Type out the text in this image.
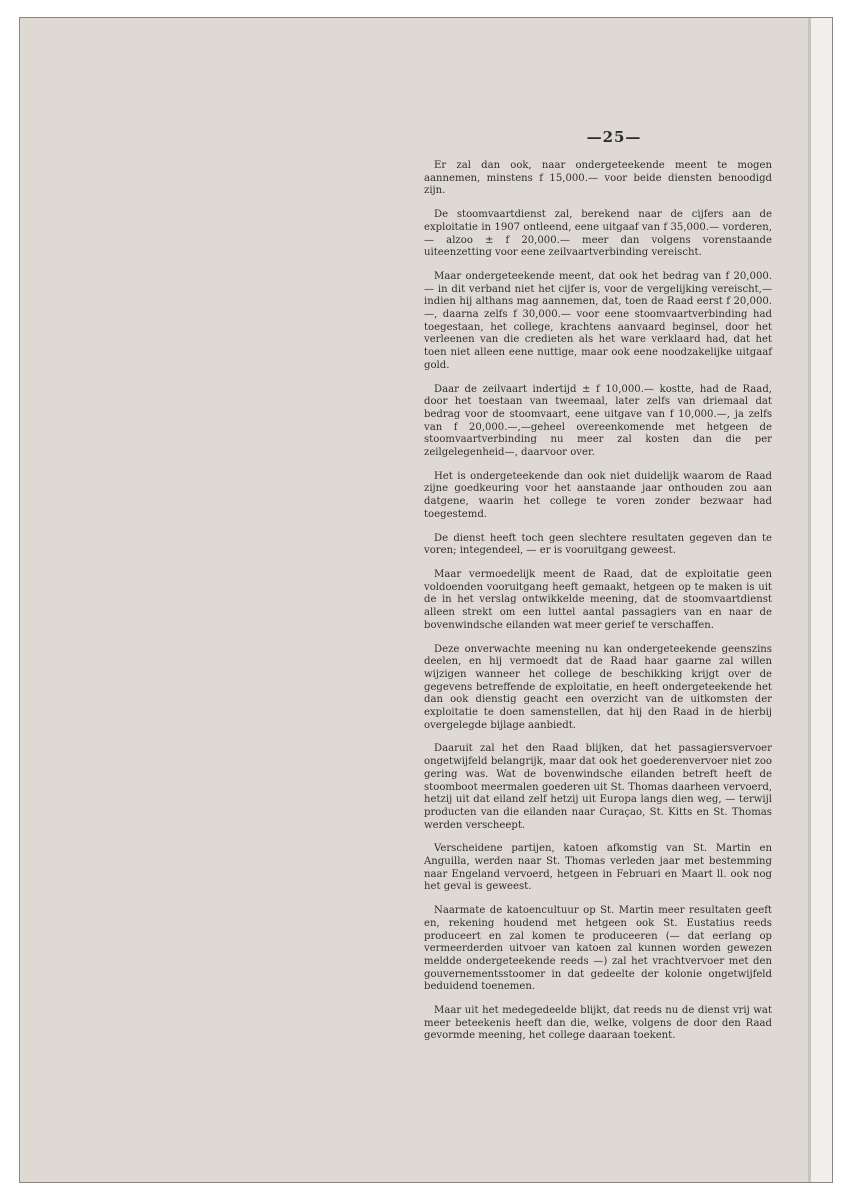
—25—

Er zal dan ook, naar ondergeteekende meent te mogen aannemen, minstens f 15,000.— voor beide diensten benoodigd zijn.

De stoomvaartdienst zal, berekend naar de cijfers aan de exploitatie in 1907 ontleend, eene uitgaaf van f 35,000.— vorderen, — alzoo ± f 20,000.— meer dan volgens vorenstaande uiteenzetting voor eene zeilvaartverbinding vereischt.

Maar ondergeteekende meent, dat ook het bedrag van f 20,000.— in dit verband niet het cijfer is, voor de vergelijking vereischt,—indien hij althans mag aannemen, dat, toen de Raad eerst f 20,000.—, daarna zelfs f 30,000.— voor eene stoomvaartverbinding had toegestaan, het college, krachtens aanvaard beginsel, door het verleenen van die credieten als het ware verklaard had, dat het toen niet alleen eene nuttige, maar ook eene noodzakelijke uitgaaf gold.

Daar de zeilvaart indertijd ± f 10,000.— kostte, had de Raad, door het toestaan van tweemaal, later zelfs van driemaal dat bedrag voor de stoomvaart, eene uitgave van f 10,000.—, ja zelfs van f 20,000.—,—geheel overeenkomende met hetgeen de stoomvaartverbinding nu meer zal kosten dan die per zeilgelegenheid—, daarvoor over.

Het is ondergeteekende dan ook niet duidelijk waarom de Raad zijne goedkeuring voor het aanstaande jaar onthouden zou aan datgene, waarin het college te voren zonder bezwaar had toegestemd.

De dienst heeft toch geen slechtere resultaten gegeven dan te voren; integendeel, — er is vooruitgang geweest.

Maar vermoedelijk meent de Raad, dat de exploitatie geen voldoenden vooruitgang heeft gemaakt, hetgeen op te maken is uit de in het verslag ontwikkelde meening, dat de stoomvaartdienst alleen strekt om een luttel aantal passagiers van en naar de bovenwindsche eilanden wat meer gerief te verschaffen.

Deze onverwachte meening nu kan ondergeteekende geenszins deelen, en hij vermoedt dat de Raad haar gaarne zal willen wijzigen wanneer het college de beschikking krijgt over de gegevens betreffende de exploitatie, en heeft ondergeteekende het dan ook dienstig geacht een overzicht van de uitkomsten der exploitatie te doen samenstellen, dat hij den Raad in de hierbij overgelegde bijlage aanbiedt.

Daaruit zal het den Raad blijken, dat het passagiersvervoer ongetwijfeld belangrijk, maar dat ook het goederenvervoer niet zoo gering was. Wat de bovenwindsche eilanden betreft heeft de stoomboot meermalen goederen uit St. Thomas daarheen vervoerd, hetzij uit dat eiland zelf hetzij uit Europa langs dien weg, — terwijl producten van die eilanden naar Curaçao, St. Kitts en St. Thomas werden verscheept.

Verscheidene partijen, katoen afkomstig van St. Martin en Anguilla, werden naar St. Thomas verleden jaar met bestemming naar Engeland vervoerd, hetgeen in Februari en Maart ll. ook nog het geval is geweest.

Naarmate de katoencultuur op St. Martin meer resultaten geeft en, rekening houdend met hetgeen ook St. Eustatius reeds produceert en zal komen te produceeren (— dat eerlang op vermeerderden uitvoer van katoen zal kunnen worden gewezen meldde ondergeteekende reeds —) zal het vrachtvervoer met den gouvernementsstoomer in dat gedeelte der kolonie ongetwijfeld beduidend toenemen.

Maar uit het medegedeelde blijkt, dat reeds nu de dienst vrij wat meer beteekenis heeft dan die, welke, volgens de door den Raad gevormde meening, het college daaraan toekent.
